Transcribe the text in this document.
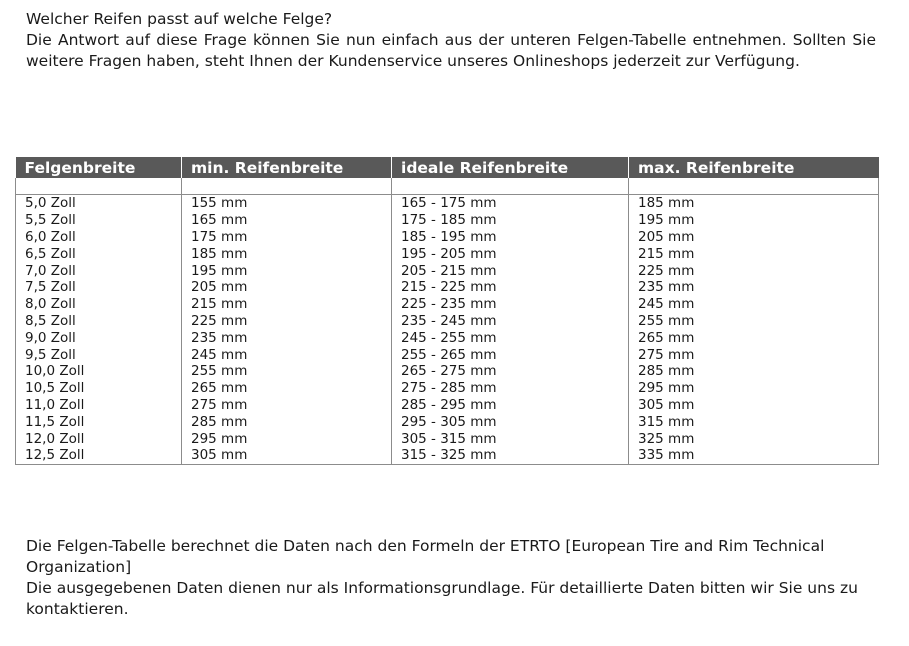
Welcher Reifen passt auf welche Felge?

Die Antwort auf diese Frage können Sie nun einfach aus der unteren Felgen-Tabelle entnehmen. Sollten Sie weitere Fragen haben, steht Ihnen der Kundenservice unseres Onlineshops jederzeit zur Verfügung.

Felgenbreite	min. Reifenbreite	ideale Reifenbreite	max. Reifenbreite

5,0 Zoll	155 mm	165 - 175 mm	185 mm
5,5 Zoll	165 mm	175 - 185 mm	195 mm
6,0 Zoll	175 mm	185 - 195 mm	205 mm
6,5 Zoll	185 mm	195 - 205 mm	215 mm
7,0 Zoll	195 mm	205 - 215 mm	225 mm
7,5 Zoll	205 mm	215 - 225 mm	235 mm
8,0 Zoll	215 mm	225 - 235 mm	245 mm
8,5 Zoll	225 mm	235 - 245 mm	255 mm
9,0 Zoll	235 mm	245 - 255 mm	265 mm
9,5 Zoll	245 mm	255 - 265 mm	275 mm
10,0 Zoll	255 mm	265 - 275 mm	285 mm
10,5 Zoll	265 mm	275 - 285 mm	295 mm
11,0 Zoll	275 mm	285 - 295 mm	305 mm
11,5 Zoll	285 mm	295 - 305 mm	315 mm
12,0 Zoll	295 mm	305 - 315 mm	325 mm
12,5 Zoll	305 mm	315 - 325 mm	335 mm

Die Felgen-Tabelle berechnet die Daten nach den Formeln der ETRTO [European Tire and Rim Technical Organization]

Die ausgegebenen Daten dienen nur als Informationsgrundlage. Für detaillierte Daten bitten wir Sie uns zu kontaktieren.
